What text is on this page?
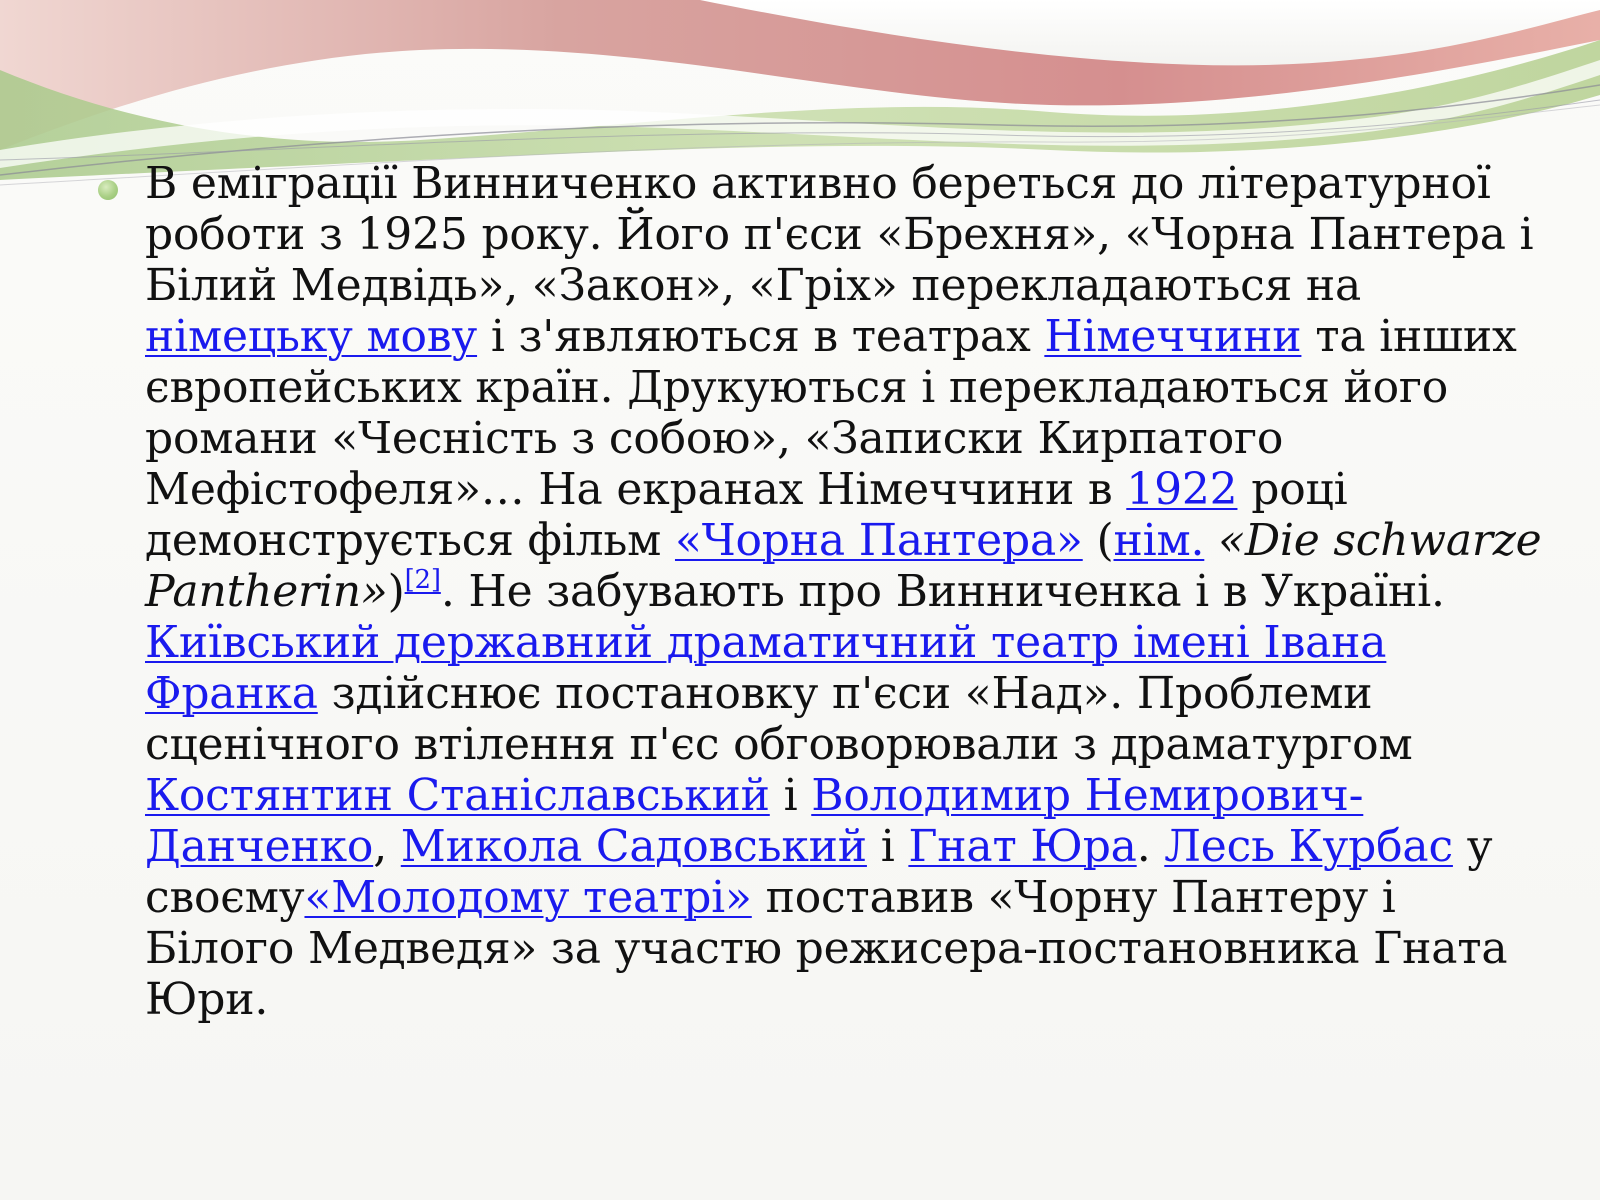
В еміграції Винниченко активно береться до літературної роботи з 1925 року. Його п'єси «Брехня», «Чорна Пантера і Білий Медвідь», «Закон», «Гріх» перекладаються на німецьку мову і з'являються в театрах Німеччини та інших європейських країн. Друкуються і перекладаються його романи «Чесність з собою», «Записки Кирпатого Мефістофеля»… На екранах Німеччини в 1922 році демонструється фільм «Чорна Пантера» (нім. «Die schwarze Pantherin»)[2]. Не забувають про Винниченка і в Україні. Київський державний драматичний театр імені Івана Франка здійснює постановку п'єси «Над». Проблеми сценічного втілення п'єс обговорювали з драматургом Костянтин Станіславський і Володимир Немирович-Данченко, Микола Садовський і Гнат Юра. Лесь Курбас у своєму«Молодому театрі» поставив «Чорну Пантеру і Білого Медведя» за участю режисера-постановника Гната Юри.
